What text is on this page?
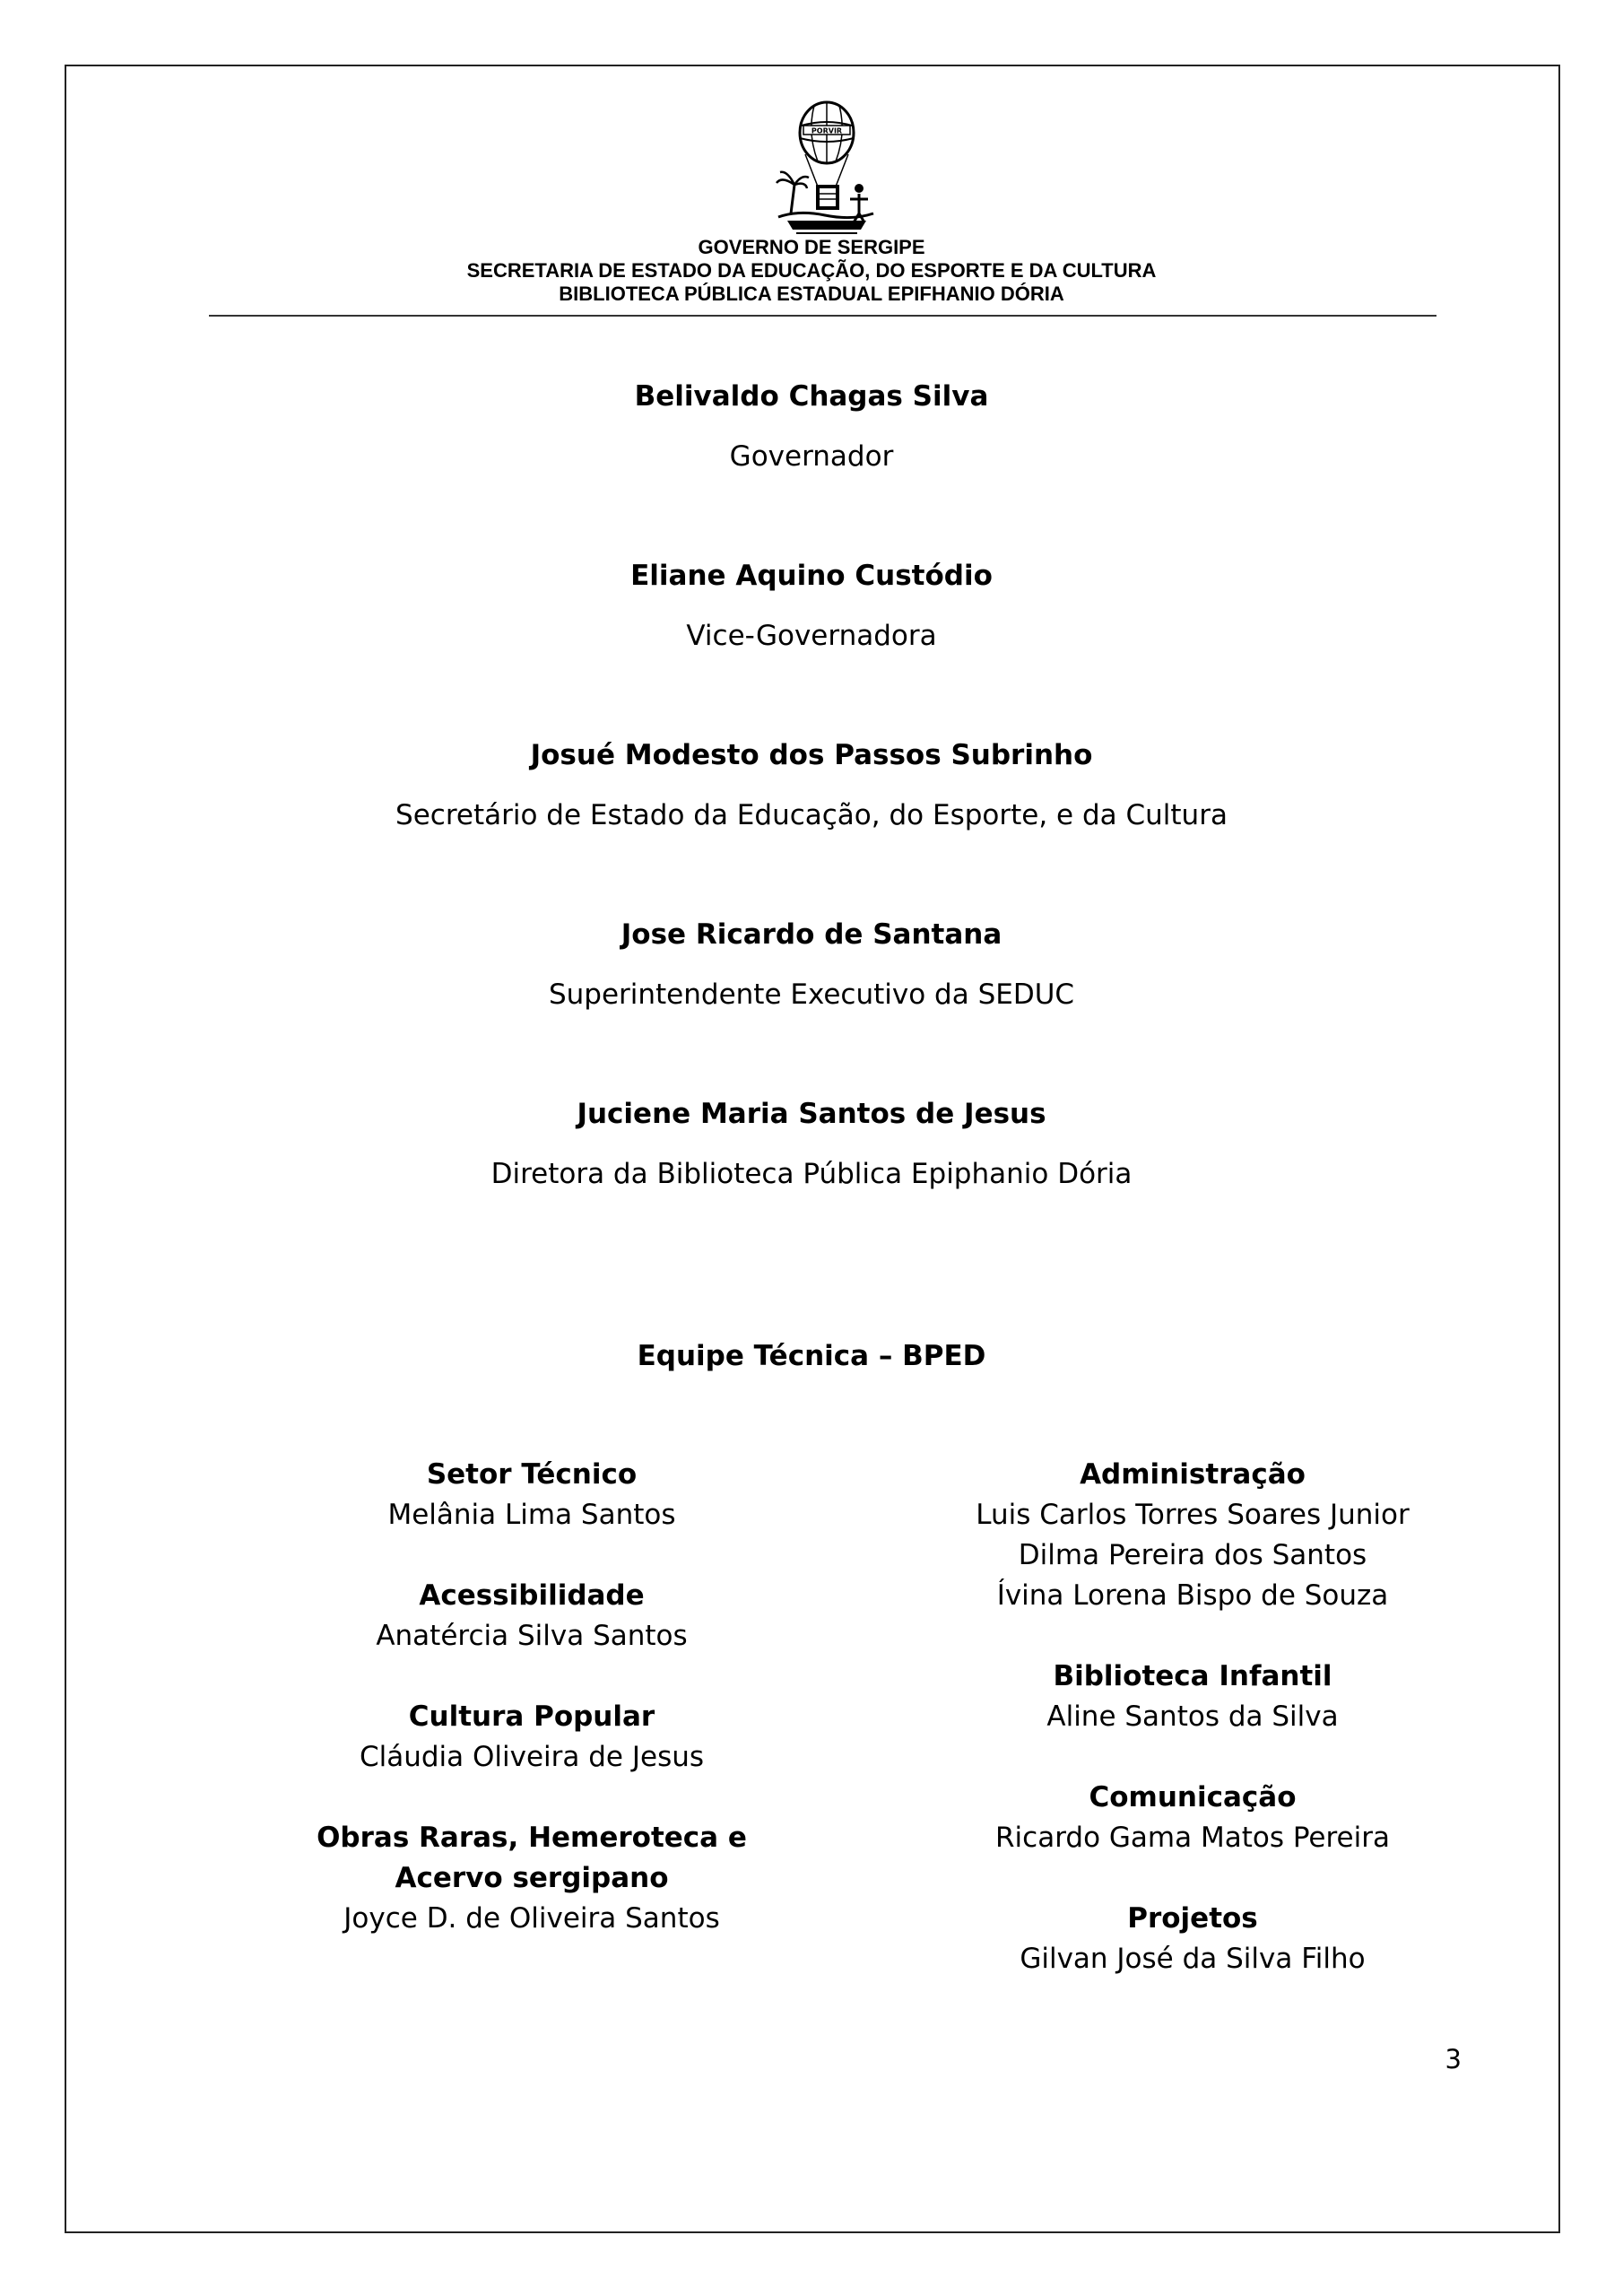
PORVIR
GOVERNO DE SERGIPE
SECRETARIA DE ESTADO DA EDUCAÇÃO, DO ESPORTE E DA CULTURA
BIBLIOTECA PÚBLICA ESTADUAL EPIFHANIO DÓRIA
Belivaldo Chagas Silva
Governador
Eliane Aquino Custódio
Vice-Governadora
Josué Modesto dos Passos Subrinho
Secretário de Estado da Educação, do Esporte, e da Cultura
Jose Ricardo de Santana
Superintendente Executivo da SEDUC
Juciene Maria Santos de Jesus
Diretora da Biblioteca Pública Epiphanio Dória
Equipe Técnica – BPED
Setor Técnico
Melânia Lima Santos
Acessibilidade
Anatércia Silva Santos
Cultura Popular
Cláudia Oliveira de Jesus
Obras Raras, Hemeroteca e
Acervo sergipano
Joyce D. de Oliveira Santos
Administração
Luis Carlos Torres Soares Junior
Dilma Pereira dos Santos
Ívina Lorena Bispo de Souza
Biblioteca Infantil
Aline Santos da Silva
Comunicação
Ricardo Gama Matos Pereira
Projetos
Gilvan José da Silva Filho
3
